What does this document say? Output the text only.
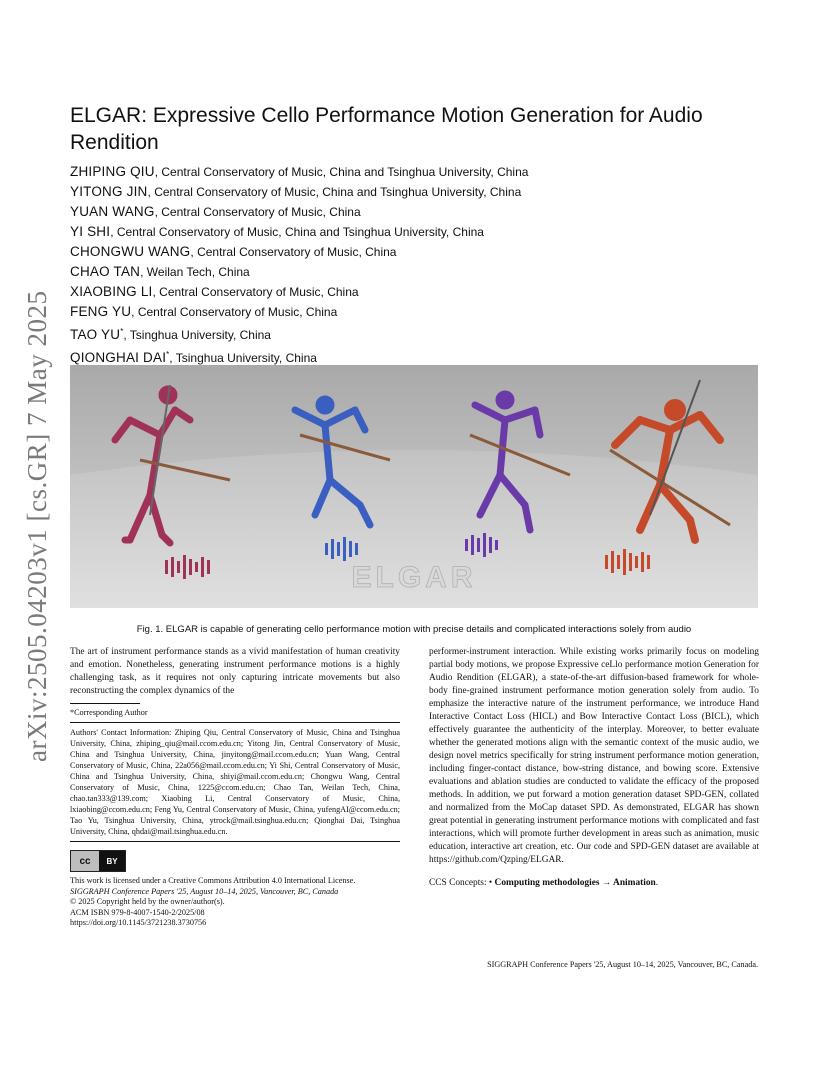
arXiv:2505.04203v1 [cs.GR] 7 May 2025
ELGAR: Expressive Cello Performance Motion Generation for Audio Rendition
ZHIPING QIU, Central Conservatory of Music, China and Tsinghua University, China
YITONG JIN, Central Conservatory of Music, China and Tsinghua University, China
YUAN WANG, Central Conservatory of Music, China
YI SHI, Central Conservatory of Music, China and Tsinghua University, China
CHONGWU WANG, Central Conservatory of Music, China
CHAO TAN, Weilan Tech, China
XIAOBING LI, Central Conservatory of Music, China
FENG YU, Central Conservatory of Music, China
TAO YU*, Tsinghua University, China
QIONGHAI DAI*, Tsinghua University, China
ELGAR
Fig. 1. ELGAR is capable of generating cello performance motion with precise details and complicated interactions solely from audio
The art of instrument performance stands as a vivid manifestation of human creativity and emotion. Nonetheless, generating instrument performance motions is a highly challenging task, as it requires not only capturing intricate movements but also reconstructing the complex dynamics of the
*Corresponding Author
Authors' Contact Information: Zhiping Qiu, Central Conservatory of Music, China and Tsinghua University, China, zhiping_qiu@mail.ccom.edu.cn; Yitong Jin, Central Conservatory of Music, China and Tsinghua University, China, jinyitong@mail.ccom.edu.cn; Yuan Wang, Central Conservatory of Music, China, 22a056@mail.ccom.edu.cn; Yi Shi, Central Conservatory of Music, China and Tsinghua University, China, shiyi@mail.ccom.edu.cn; Chongwu Wang, Central Conservatory of Music, China, 1225@ccom.edu.cn; Chao Tan, Weilan Tech, China, chao.tan333@139.com; Xiaobing Li, Central Conservatory of Music, China, lxiaobing@ccom.edu.cn; Feng Yu, Central Conservatory of Music, China, yufengAI@ccom.edu.cn; Tao Yu, Tsinghua University, China, ytrock@mail.tsinghua.edu.cn; Qionghai Dai, Tsinghua University, China, qhdai@mail.tsinghua.edu.cn.
cc	BY
This work is licensed under a Creative Commons Attribution 4.0 International License.
SIGGRAPH Conference Papers '25, August 10–14, 2025, Vancouver, BC, Canada
© 2025 Copyright held by the owner/author(s).
ACM ISBN 979-8-4007-1540-2/2025/08
https://doi.org/10.1145/3721238.3730756
performer-instrument interaction. While existing works primarily focus on modeling partial body motions, we propose Expressive ceLlo performance motion Generation for Audio Rendition (ELGAR), a state-of-the-art diffusion-based framework for whole-body fine-grained instrument performance motion generation solely from audio. To emphasize the interactive nature of the instrument performance, we introduce Hand Interactive Contact Loss (HICL) and Bow Interactive Contact Loss (BICL), which effectively guarantee the authenticity of the interplay. Moreover, to better evaluate whether the generated motions align with the semantic context of the music audio, we design novel metrics specifically for string instrument performance motion generation, including finger-contact distance, bow-string distance, and bowing score. Extensive evaluations and ablation studies are conducted to validate the efficacy of the proposed methods. In addition, we put forward a motion generation dataset SPD-GEN, collated and normalized from the MoCap dataset SPD. As demonstrated, ELGAR has shown great potential in generating instrument performance motions with complicated and fast interactions, which will promote further development in areas such as animation, music education, interactive art creation, etc. Our code and SPD-GEN dataset are available at https://github.com/Qzping/ELGAR.
CCS Concepts: • Computing methodologies → Animation.
SIGGRAPH Conference Papers '25, August 10–14, 2025, Vancouver, BC, Canada.
